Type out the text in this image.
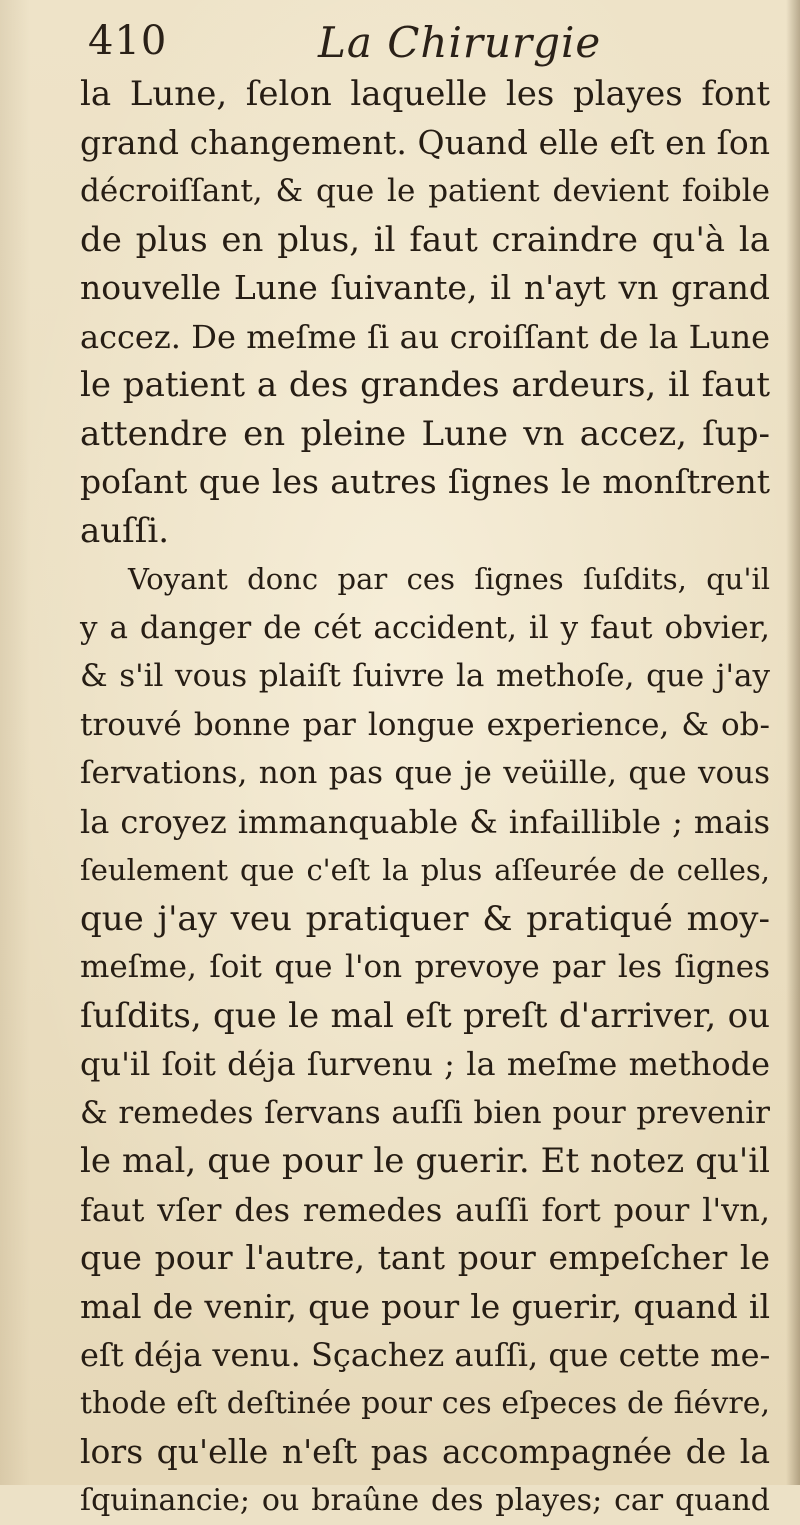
410	La Chirurgie
la Lune, ſelon laquelle les playes font
grand changement. Quand elle eſt en ſon
décroiſſant, & que le patient devient foible
de plus en plus, il faut craindre qu'à la
nouvelle Lune ſuivante, il n'ayt vn grand
accez. De meſme ſi au croiſſant de la Lune
le patient a des grandes ardeurs, il faut
attendre en pleine Lune vn accez, ſup-
poſant que les autres ſignes le monſtrent
auſſi.
Voyant donc par ces ſignes ſuſdits, qu'il
y a danger de cét accident, il y faut obvier,
& s'il vous plaiſt ſuivre la methoſe, que j'ay
trouvé bonne par longue experience, & ob-
ſervations, non pas que je veüille, que vous
la croyez immanquable & infaillible ; mais
ſeulement que c'eſt la plus aſſeurée de celles,
que j'ay veu pratiquer & pratiqué moy-
meſme, ſoit que l'on prevoye par les ſignes
ſuſdits, que le mal eſt preſt d'arriver, ou
qu'il ſoit déja ſurvenu ; la meſme methode
& remedes ſervans auſſi bien pour prevenir
le mal, que pour le guerir. Et notez qu'il
faut vſer des remedes auſſi fort pour l'vn,
que pour l'autre, tant pour empeſcher le
mal de venir, que pour le guerir, quand il
eſt déja venu. Sçachez auſſi, que cette me-
thode eſt deſtinée pour ces eſpeces de fiévre,
lors qu'elle n'eſt pas accompagnée de la
ſquinancie; ou braûne des playes; car quand
